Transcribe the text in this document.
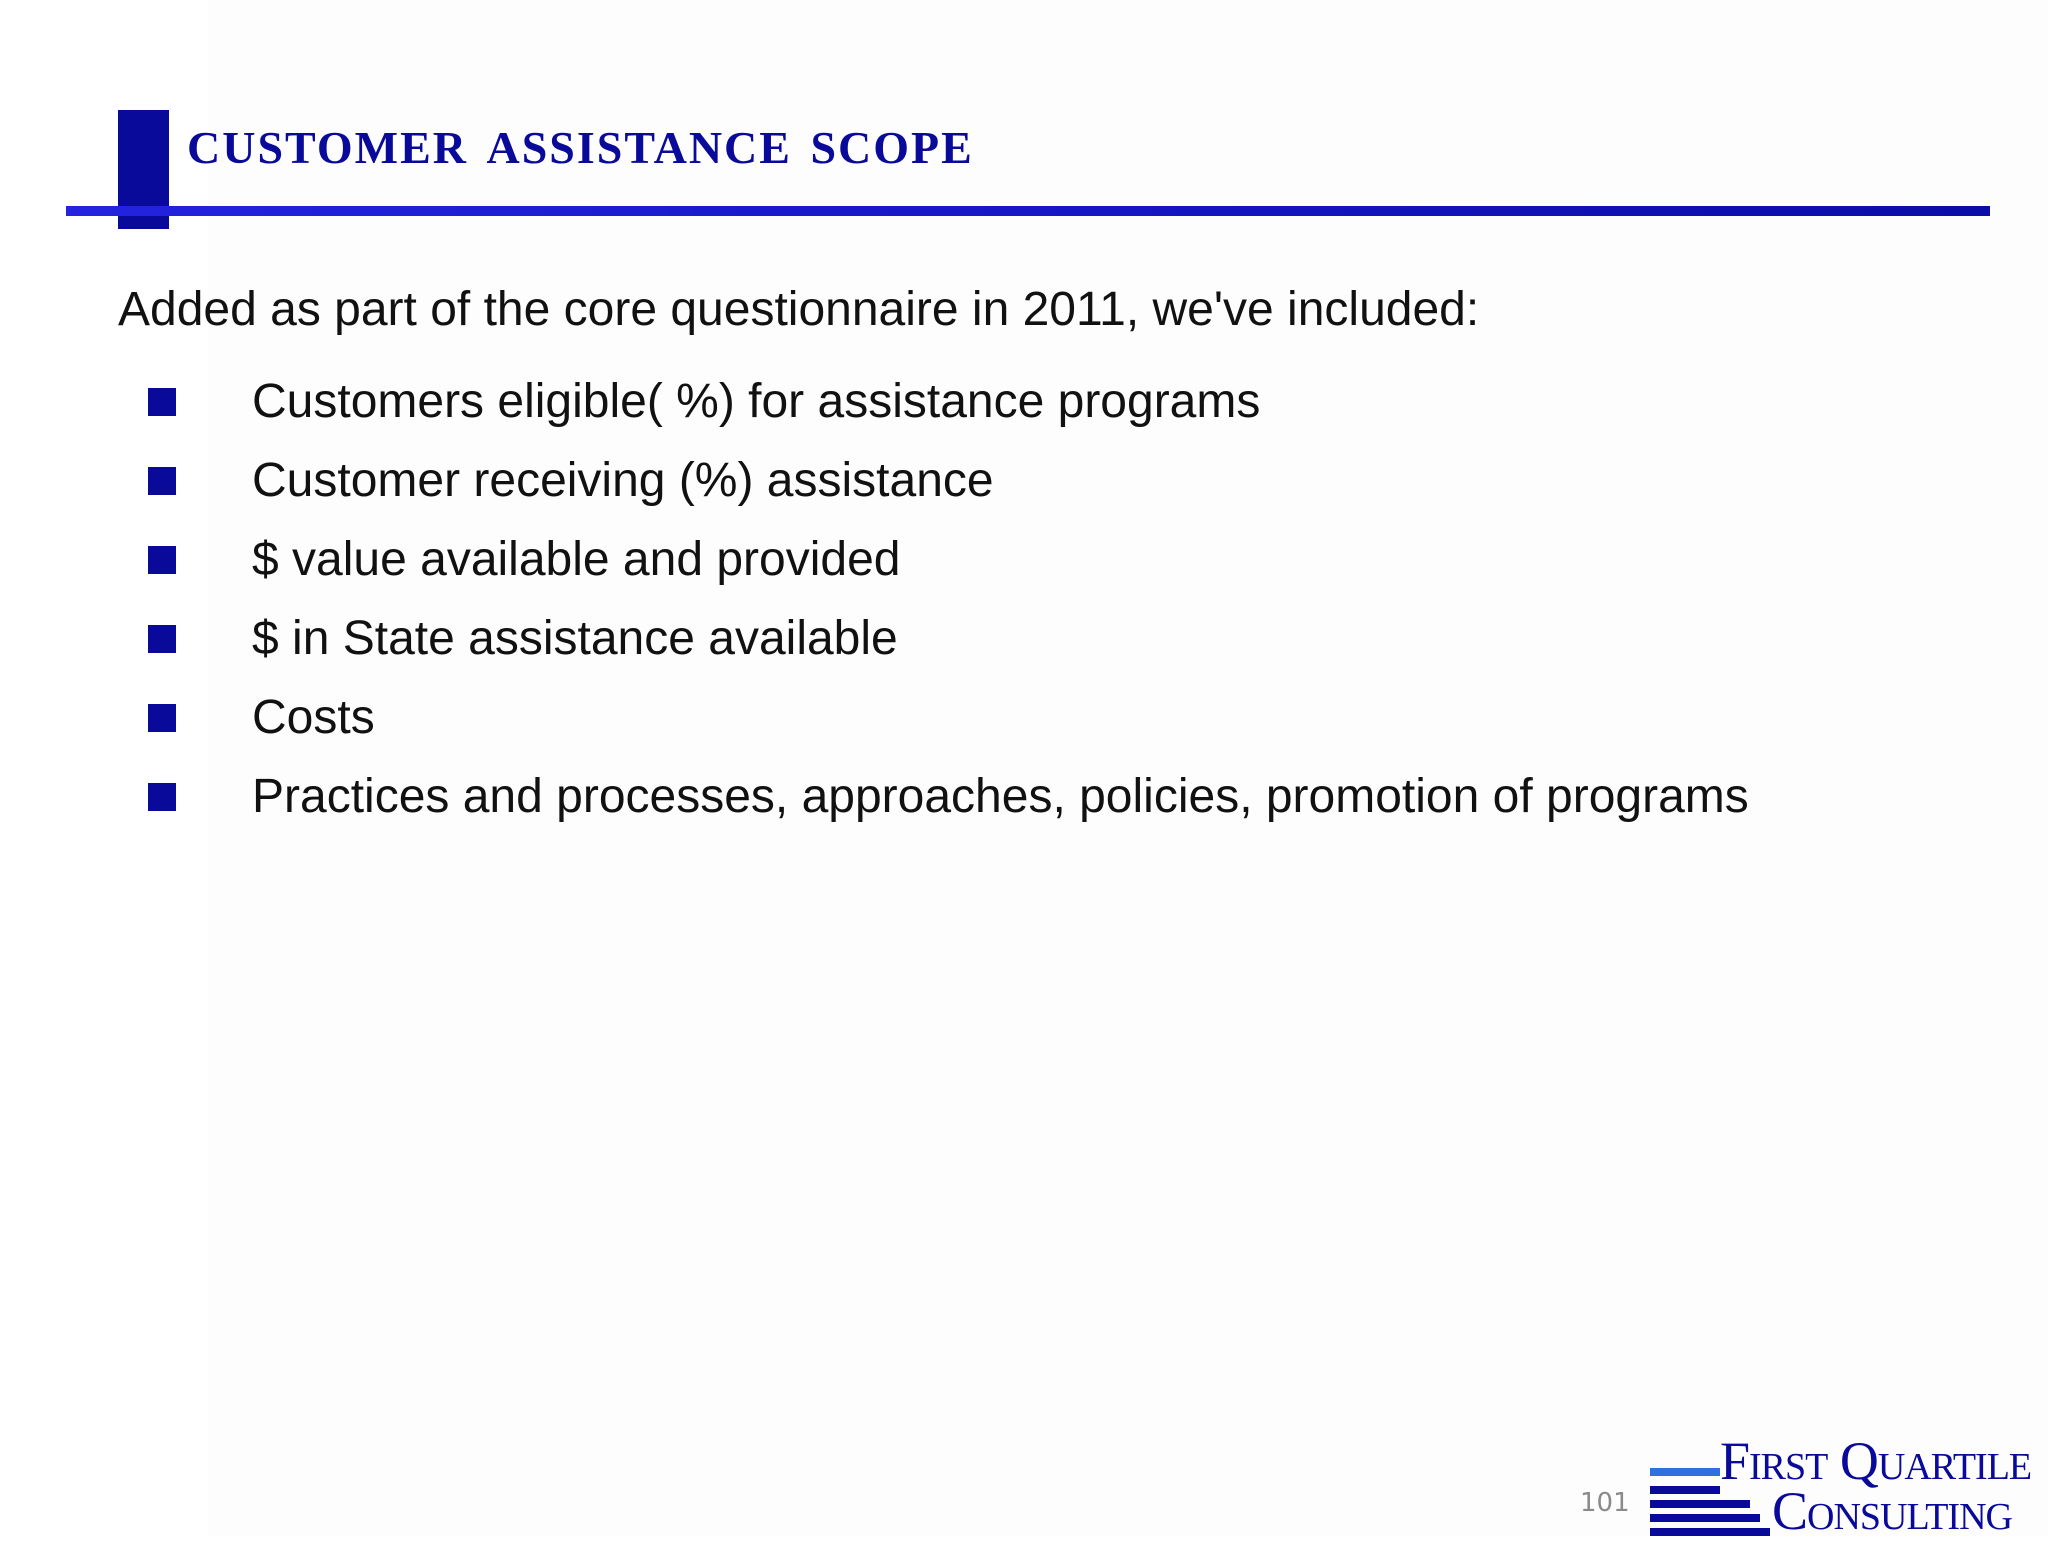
customer assistance scope
Added as part of the core questionnaire in 2011, we've included:
Customers eligible( %) for assistance programs
Customer receiving (%) assistance
$ value available and provided
$ in State assistance available
Costs
Practices and processes, approaches, policies, promotion of programs
101
First Quartile
Consulting
